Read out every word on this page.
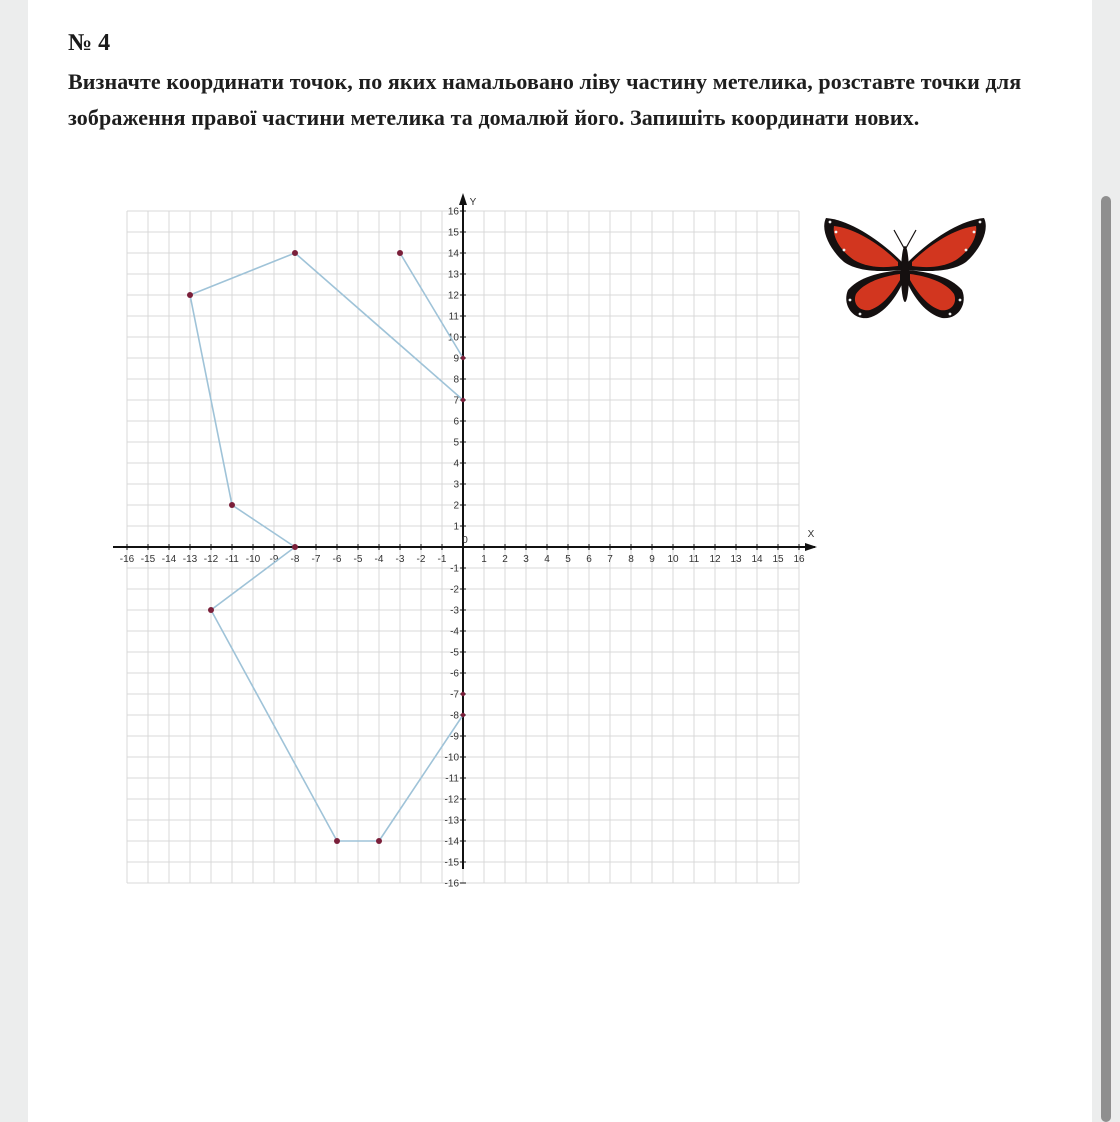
№ 4
Визначте координати точок, по яких намальовано ліву частину метелика, розставте точки для зображення правої частини метелика та домалюй його. Запишіть координати нових.
-16 -15 -14 -13 -12 -11 -10 -9 -8 -7 -6 -5 -4 -3 -2 -1
0
1 2 3 4 5 6 7 8 9 10 11 12 13 14 15 16
-16
-15
-14
-13
-12
-11
-10
-9
-8
-7
-6
-5
-4
-3
-2
-1
1
2
3
4
5
6
7
8
9
10
11
12
13
14
15
16
X
Y
